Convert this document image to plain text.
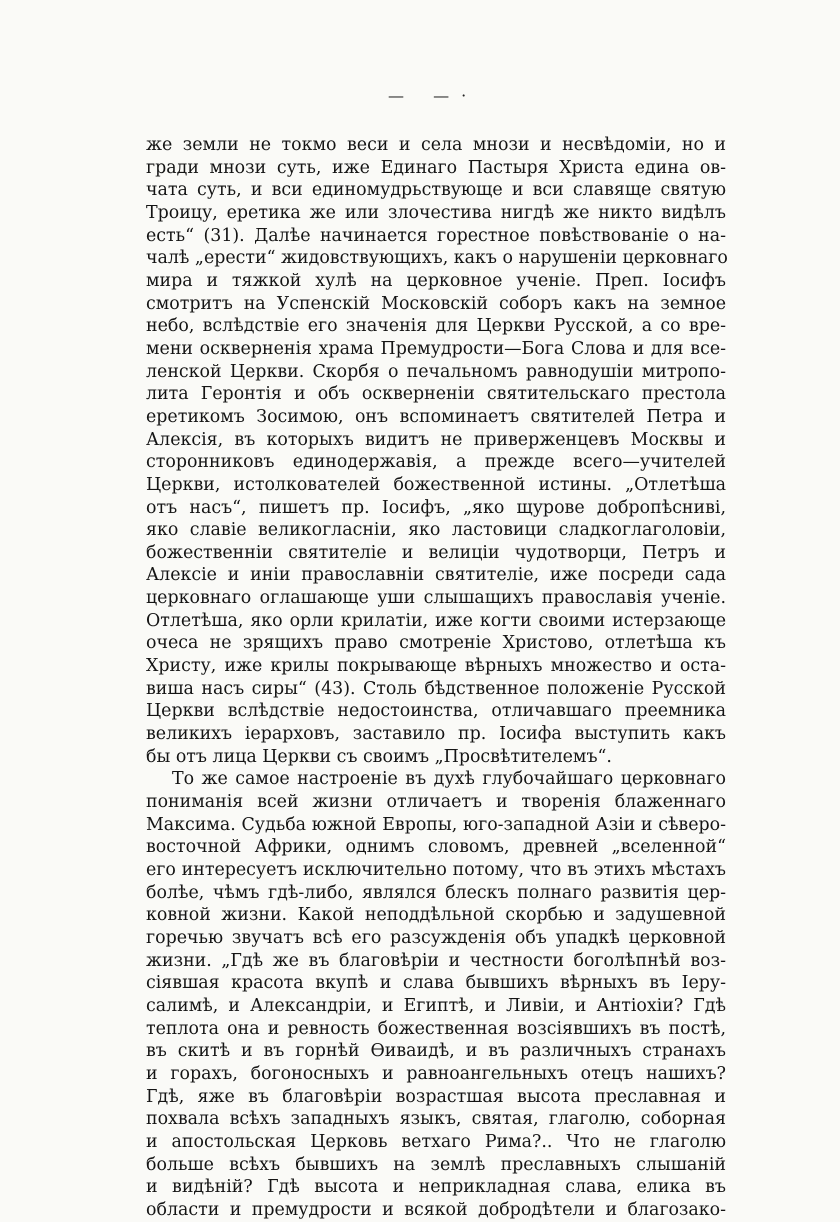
— —·
же земли не токмо веси и села мнози и несвѣдоміи, но и
гради мнози суть, иже Единаго Пастыря Христа едина ов-
чата суть, и вси единомудрьствующе и вси славяще святую
Троицу, еретика же или злочестива нигдѣ же никто видѣлъ
есть“ (31). Далѣе начинается горестное повѣствованіе о на-
чалѣ „ерести“ жидовствующихъ, какъ о нарушеніи церковнаго
мира и тяжкой хулѣ на церковное ученіе. Преп. Іосифъ
смотритъ на Успенскій Московскій соборъ какъ на земное
небо, вслѣдствіе его значенія для Церкви Русской, а со вре-
мени оскверненія храма Премудрости—Бога Слова и для все-
ленской Церкви. Скорбя о печальномъ равнодушіи митропо-
лита Геронтія и объ оскверненіи святительскаго престола
еретикомъ Зосимою, онъ вспоминаетъ святителей Петра и
Алексія, въ которыхъ видитъ не приверженцевъ Москвы и
сторонниковъ единодержавія, а прежде всего—учителей
Церкви, истолкователей божественной истины. „Отлетѣша
отъ насъ“, пишетъ пр. Іосифъ, „яко щурове добропѣсниві,
яко славіе великогласніи, яко ластовици сладкоглаголовіи,
божественніи святителіе и велиціи чудотворци, Петръ и
Алексіе и иніи православніи святителіе, иже посреди сада
церковнаго оглашающе уши слышащихъ православія ученіе.
Отлетѣша, яко орли крилатіи, иже когти своими истерзающе
очеса не зрящихъ право смотреніе Христово, отлетѣша къ
Христу, иже крилы покрывающе вѣрныхъ множество и оста-
виша насъ сиры“ (43). Столь бѣдственное положеніе Русской
Церкви вслѣдствіе недостоинства, отличавшаго преемника
великихъ іерарховъ, заставило пр. Іосифа выступить какъ
бы отъ лица Церкви съ своимъ „Просвѣтителемъ“.
То же самое настроеніе въ духѣ глубочайшаго церковнаго
пониманія всей жизни отличаетъ и творенія блаженнаго
Максима. Судьба южной Европы, юго-западной Азіи и сѣверо-
восточной Африки, однимъ словомъ, древней „вселенной“
его интересуетъ исключительно потому, что въ этихъ мѣстахъ
болѣе, чѣмъ гдѣ-либо, являлся блескъ полнаго развитія цер-
ковной жизни. Какой неподдѣльной скорбью и задушевной
горечью звучатъ всѣ его разсужденія объ упадкѣ церковной
жизни. „Гдѣ же въ благовѣріи и честности боголѣпнѣй воз-
сіявшая красота вкупѣ и слава бывшихъ вѣрныхъ въ Іеру-
салимѣ, и Александріи, и Египтѣ, и Ливіи, и Антіохіи? Гдѣ
теплота она и ревность божественная возсіявшихъ въ постѣ,
въ скитѣ и въ горнѣй Ѳиваидѣ, и въ различныхъ странахъ
и горахъ, богоносныхъ и равноангельныхъ отецъ нашихъ?
Гдѣ, яже въ благовѣріи возрастшая высота преславная и
похвала всѣхъ западныхъ языкъ, святая, глаголю, соборная
и апостольская Церковь ветхаго Рима?.. Что не глаголю
больше всѣхъ бывшихъ на землѣ преславныхъ слышаній
и видѣній? Гдѣ высота и неприкладная слава, елика въ
области и премудрости и всякой добродѣтели и благозако-
